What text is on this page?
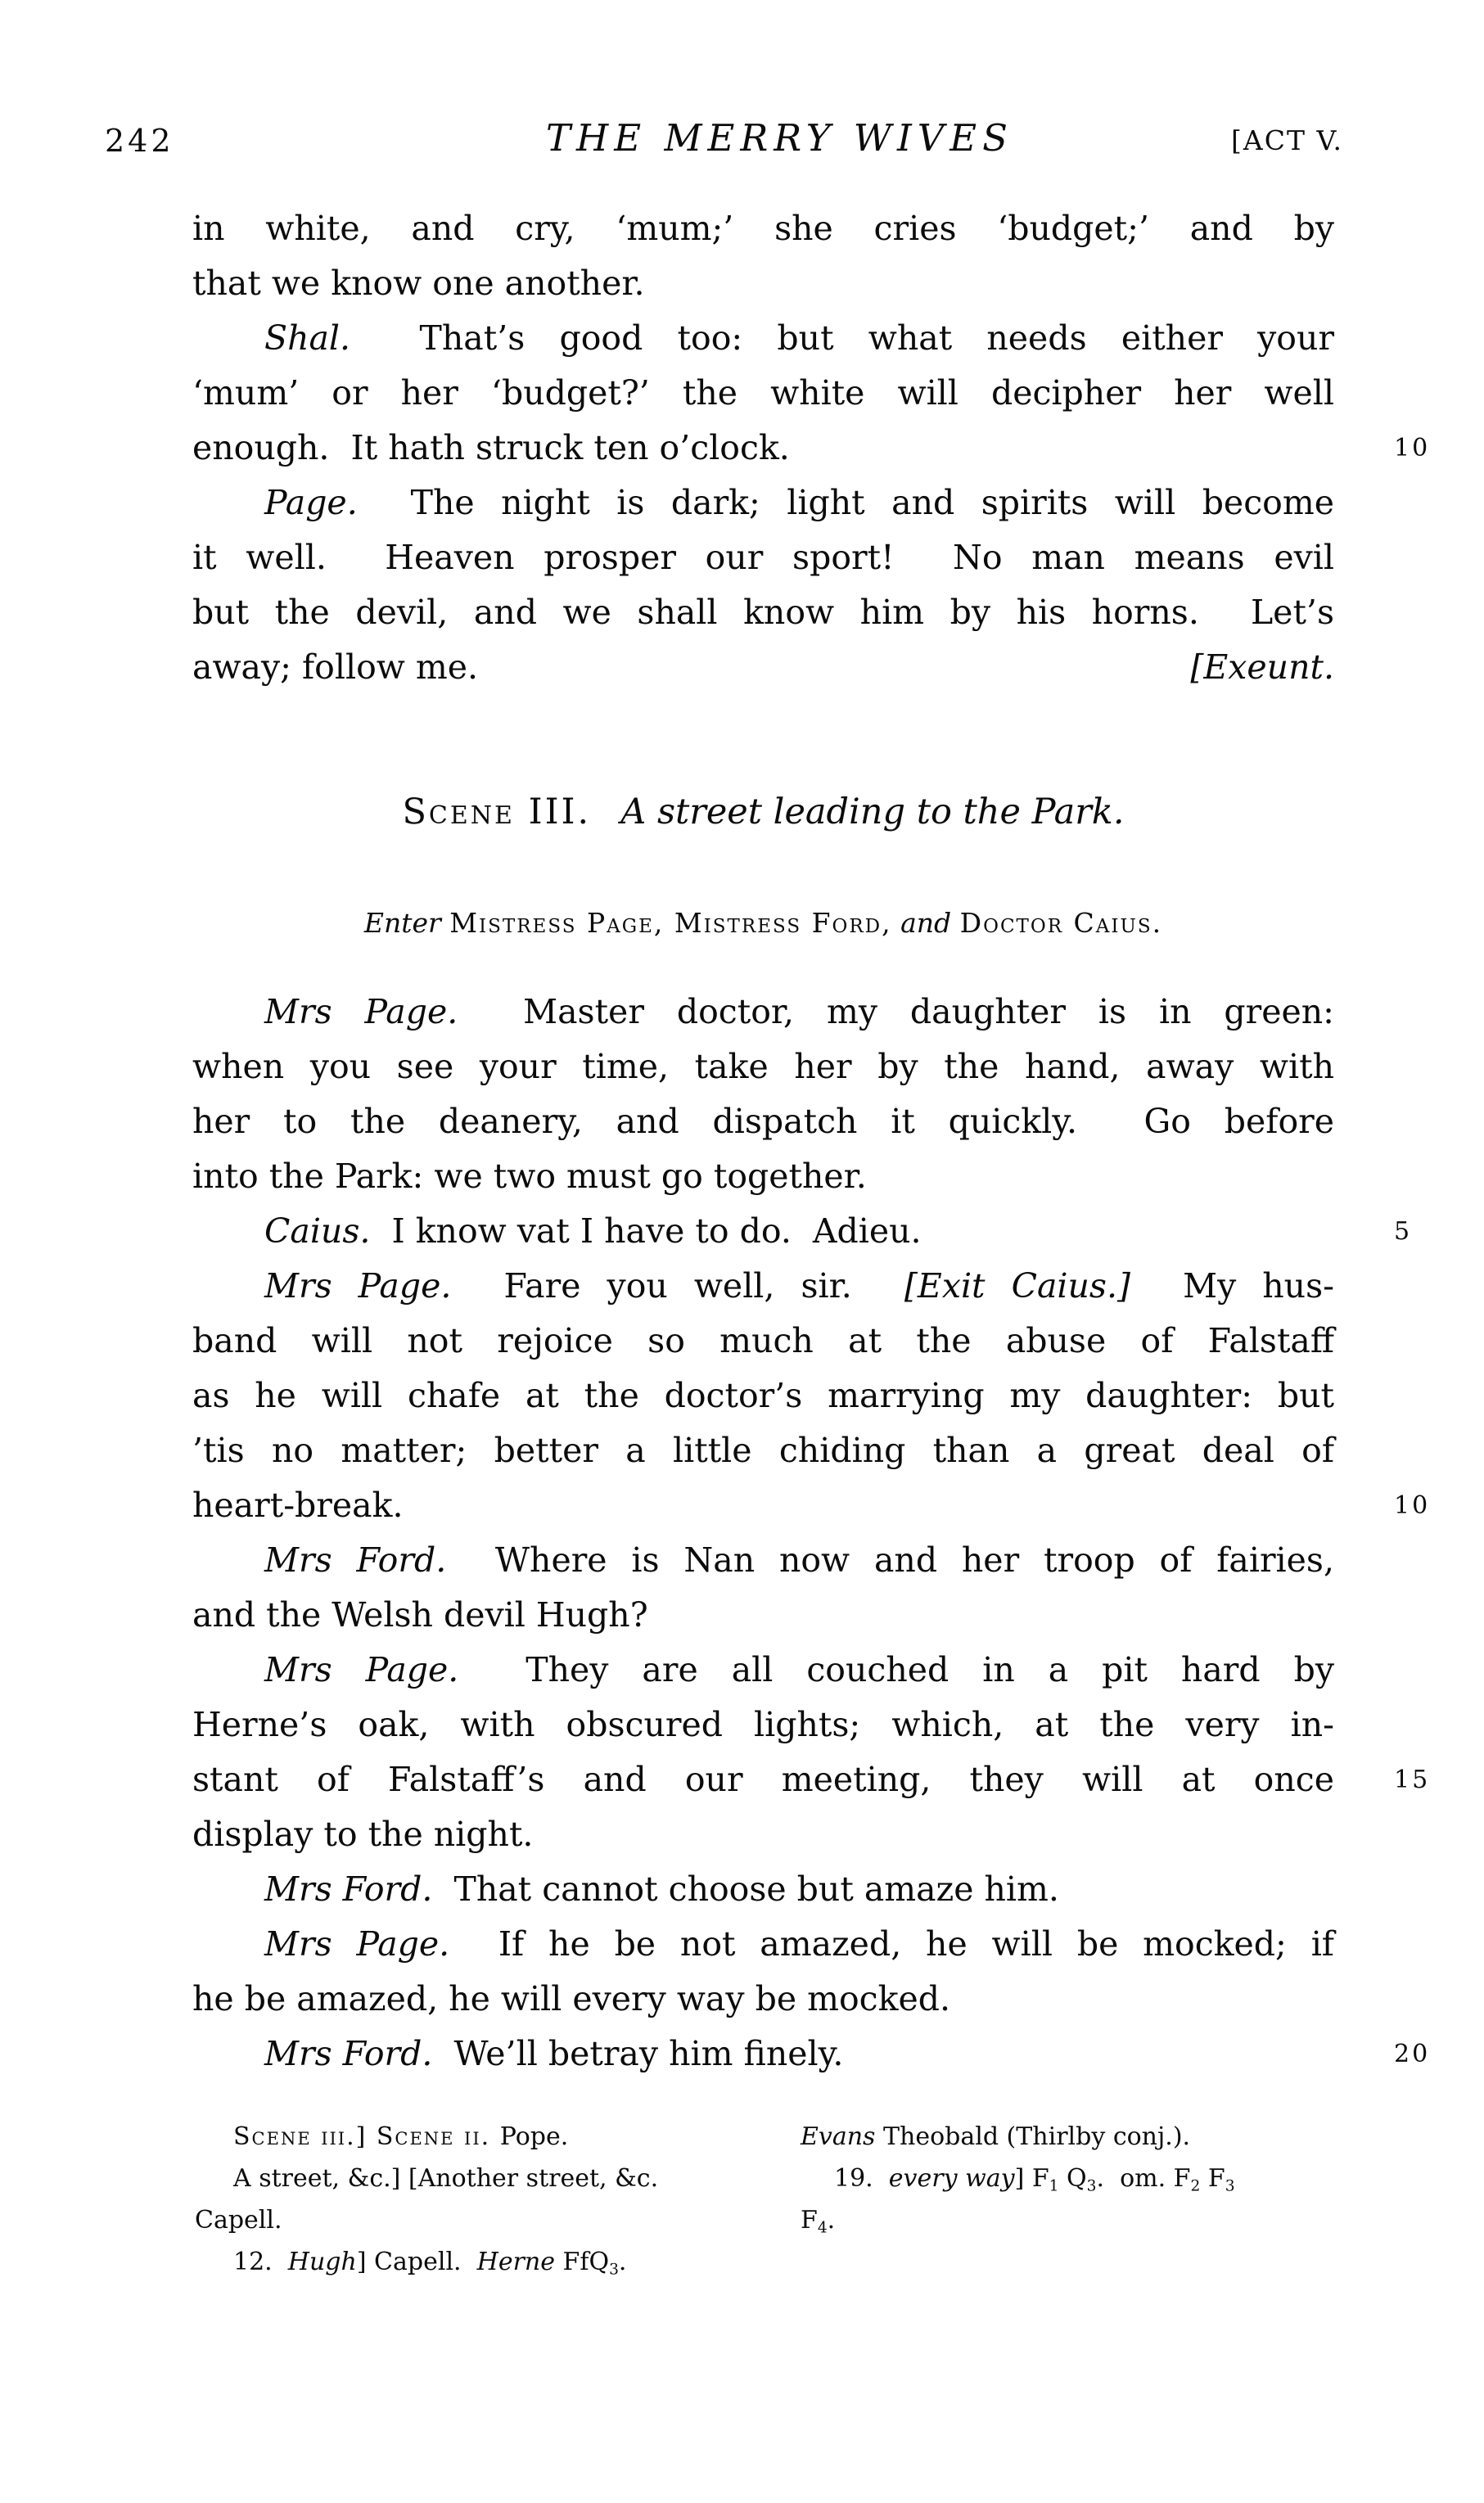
242	THE MERRY WIVES	[ACT V.
in white, and cry, ‘mum;’ she cries ‘budget;’ and by
that we know one another.
Shal.  That’s good too: but what needs either your
‘mum’ or her ‘budget?’ the white will decipher her well
enough.  It hath struck ten o’clock.	10
Page.  The night is dark; light and spirits will become
it well.  Heaven prosper our sport!  No man means evil
but the devil, and we shall know him by his horns.  Let’s
away; follow me.	[Exeunt.
Scene III. A street leading to the Park.
Enter Mistress Page, Mistress Ford, and Doctor Caius.
Mrs Page.  Master doctor, my daughter is in green:
when you see your time, take her by the hand, away with
her to the deanery, and dispatch it quickly.  Go before
into the Park: we two must go together.
Caius.  I know vat I have to do.  Adieu.	5
Mrs Page.  Fare you well, sir.  [Exit Caius.]  My hus-
band will not rejoice so much at the abuse of Falstaff
as he will chafe at the doctor’s marrying my daughter: but
’tis no matter; better a little chiding than a great deal of
heart-break.	10
Mrs Ford.  Where is Nan now and her troop of fairies,
and the Welsh devil Hugh?
Mrs Page.  They are all couched in a pit hard by
Herne’s oak, with obscured lights; which, at the very in-
stant of Falstaff’s and our meeting, they will at once 15
display to the night.
Mrs Ford.  That cannot choose but amaze him.
Mrs Page.  If he be not amazed, he will be mocked; if
he be amazed, he will every way be mocked.
Mrs Ford.  We’ll betray him finely.	20
Scene iii.] Scene ii. Pope.
A street, &c.] [Another street, &c.
Capell.
12.  Hugh] Capell.  Herne FfQ3.
Evans Theobald (Thirlby conj.).
19.  every way] F1 Q3.  om. F2 F3
F4.
